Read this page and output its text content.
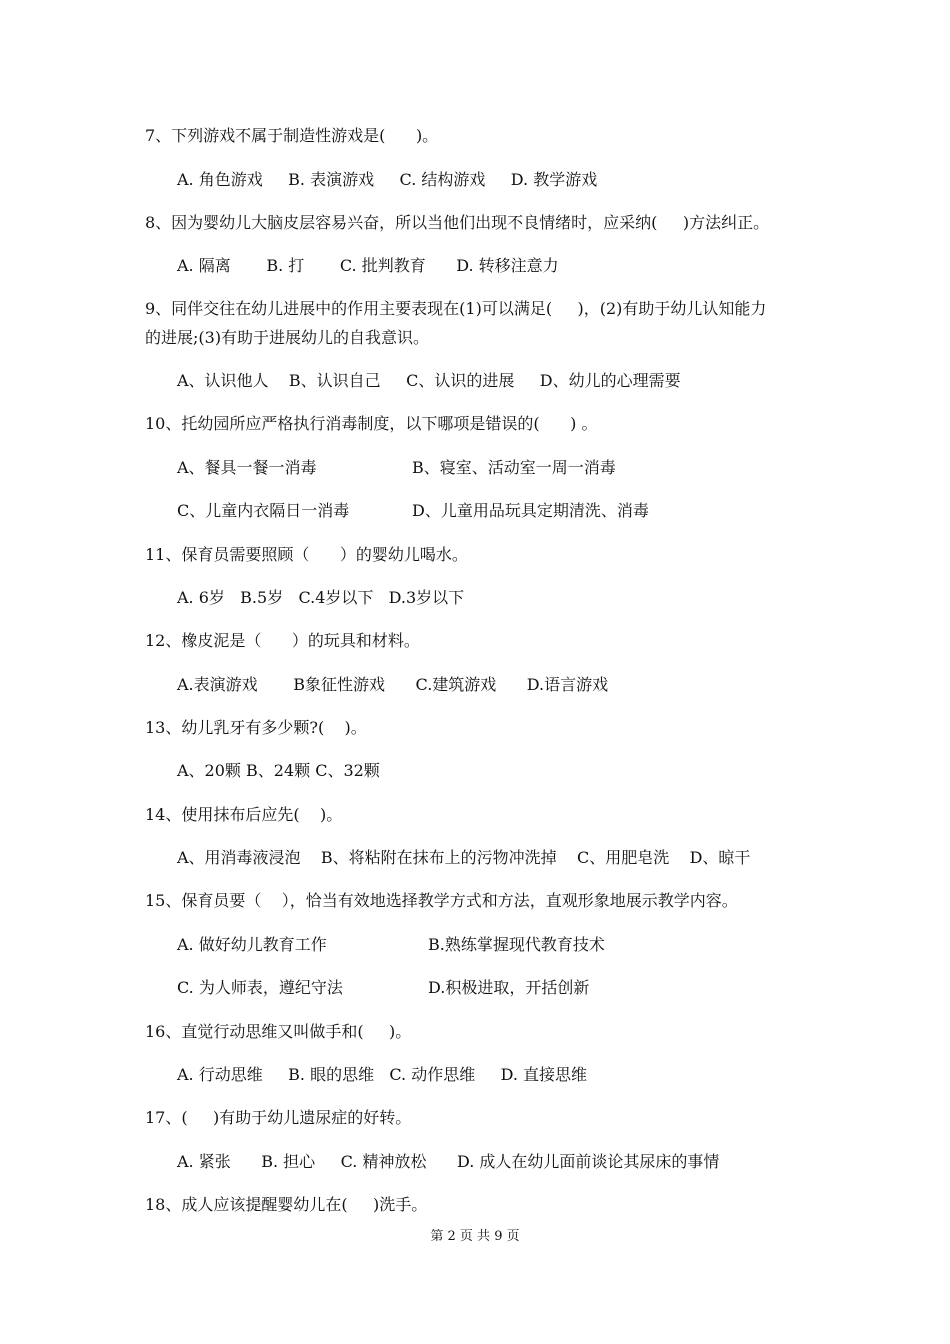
7、下列游戏不属于制造性游戏是(      )。
A. 角色游戏     B. 表演游戏     C. 结构游戏     D. 教学游戏
8、因为婴幼儿大脑皮层容易兴奋，所以当他们出现不良情绪时，应采纳(     )方法纠正。
A. 隔离       B. 打       C. 批判教育      D. 转移注意力
9、同伴交往在幼儿进展中的作用主要表现在(1)可以满足(     )，(2)有助于幼儿认知能力
的进展;(3)有助于进展幼儿的自我意识。
A、认识他人    B、认识自己     C、认识的进展     D、幼儿的心理需要
10、托幼园所应严格执行消毒制度，以下哪项是错误的(      ) 。
A、餐具一餐一消毒	B、寝室、活动室一周一消毒
C、儿童内衣隔日一消毒	D、儿童用品玩具定期清洗、消毒
11、保育员需要照顾（      ）的婴幼儿喝水。
A. 6岁   B.5岁   C.4岁以下   D.3岁以下
12、橡皮泥是（      ）的玩具和材料。
A.表演游戏       B象征性游戏      C.建筑游戏      D.语言游戏
13、幼儿乳牙有多少颗?(    )。
A、20颗 B、24颗 C、32颗
14、使用抹布后应先(    )。
A、用消毒液浸泡    B、将粘附在抹布上的污物冲洗掉    C、用肥皂洗    D、晾干
15、保育员要（    ），恰当有效地选择教学方式和方法，直观形象地展示教学内容。
A. 做好幼儿教育工作	B.熟练掌握现代教育技术
C. 为人师表，遵纪守法	D.积极进取，开括创新
16、直觉行动思维又叫做手和(     )。
A. 行动思维     B. 眼的思维   C. 动作思维     D. 直接思维
17、(     )有助于幼儿遗尿症的好转。
A. 紧张      B. 担心     C. 精神放松      D. 成人在幼儿面前谈论其尿床的事情
18、成人应该提醒婴幼儿在(     )洗手。
第 2 页 共 9 页
